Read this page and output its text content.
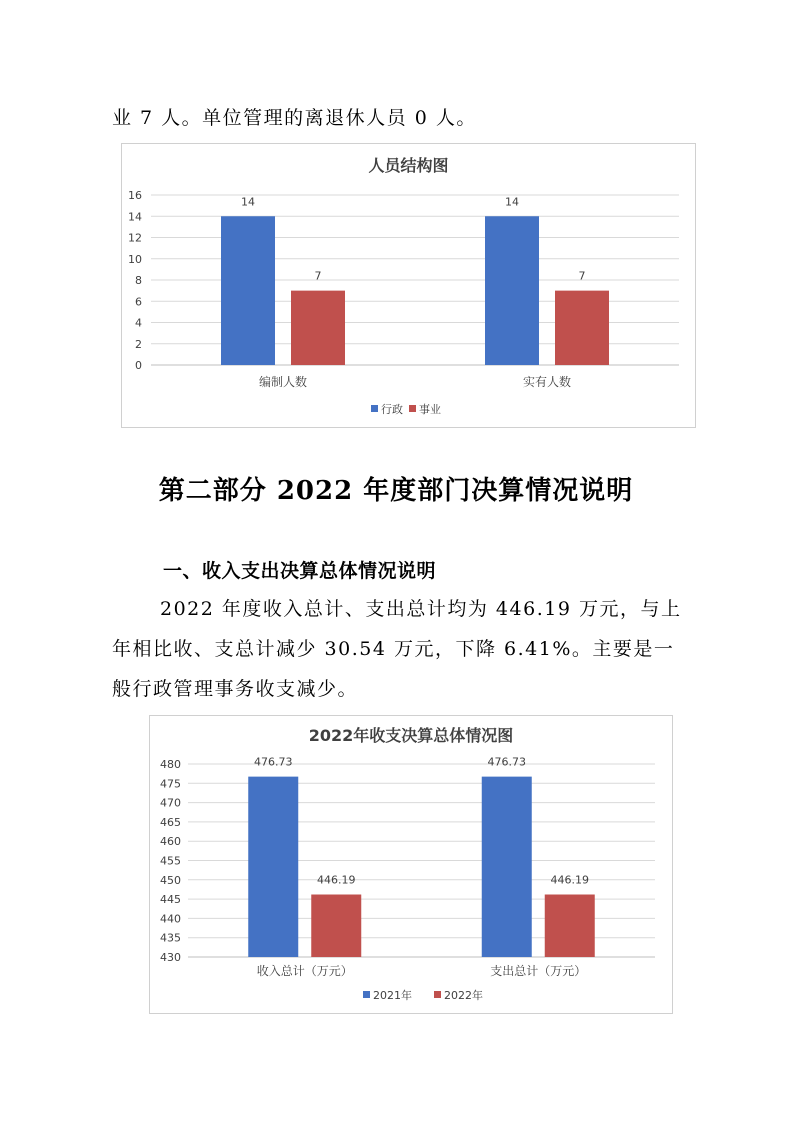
业 7 人。单位管理的离退休人员 0 人。
人员结构图
0
2
4
6
8
10
12
14
16	14
7
编制人数
14
7
实有人数
行政 事业
第二部分 2022 年度部门决算情况说明
一、收入支出决算总体情况说明
2022 年度收入总计、支出总计均为 446.19 万元，与上
年相比收、支总计减少 30.54 万元，下降 6.41%。主要是一
般行政管理事务收支减少。
2022年收支决算总体情况图
430
435
440
445
450
455
460
465
470
475
480	476.73
446.19
收入总计（万元）
476.73
446.19
支出总计（万元）
2021年	2022年
